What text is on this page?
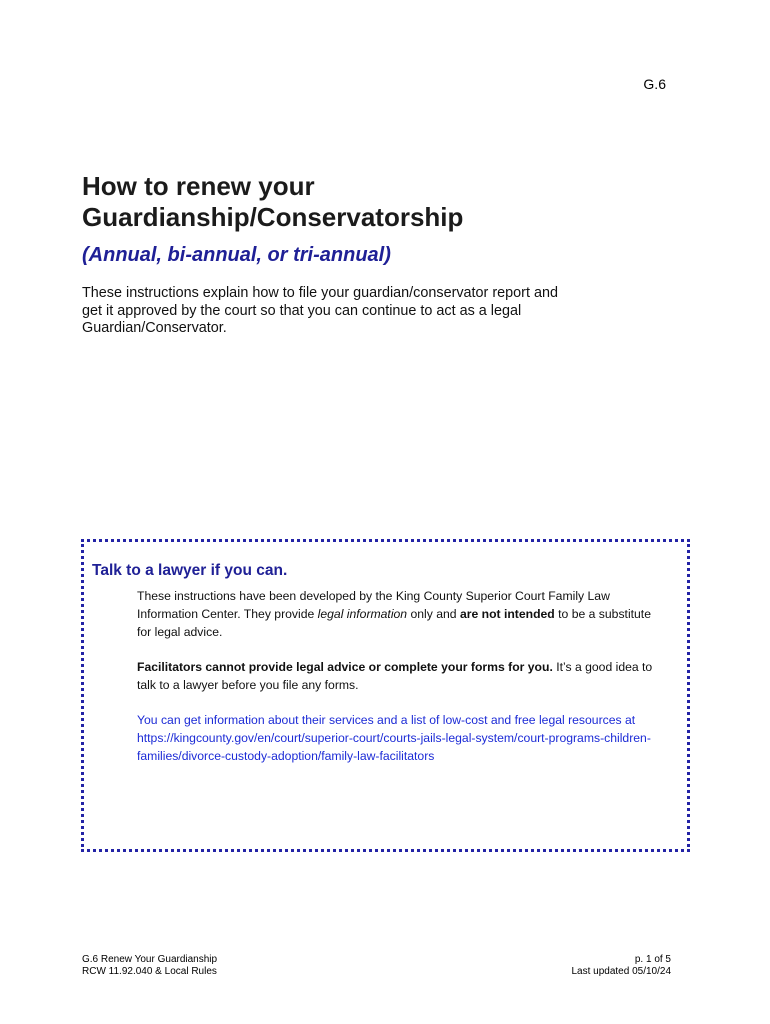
G.6
How to renew your
Guardianship/Conservatorship
(Annual, bi-annual, or tri-annual)

These instructions explain how to file your guardian/conservator report and get it approved by the court so that you can continue to act as a legal Guardian/Conservator.

Talk to a lawyer if you can.

These instructions have been developed by the King County Superior Court Family Law Information Center. They provide legal information only and are not intended to be a substitute for legal advice.

Facilitators cannot provide legal advice or complete your forms for you. It’s a good idea to talk to a lawyer before you file any forms.

You can get information about their services and a list of low-cost and free legal resources at
https://kingcounty.gov/en/court/superior-court/courts-jails-legal-system/court-programs-children-families/divorce-custody-adoption/family-law-facilitators

G.6 Renew Your Guardianship
RCW 11.92.040 & Local Rules
p. 1 of 5
Last updated 05/10/24
